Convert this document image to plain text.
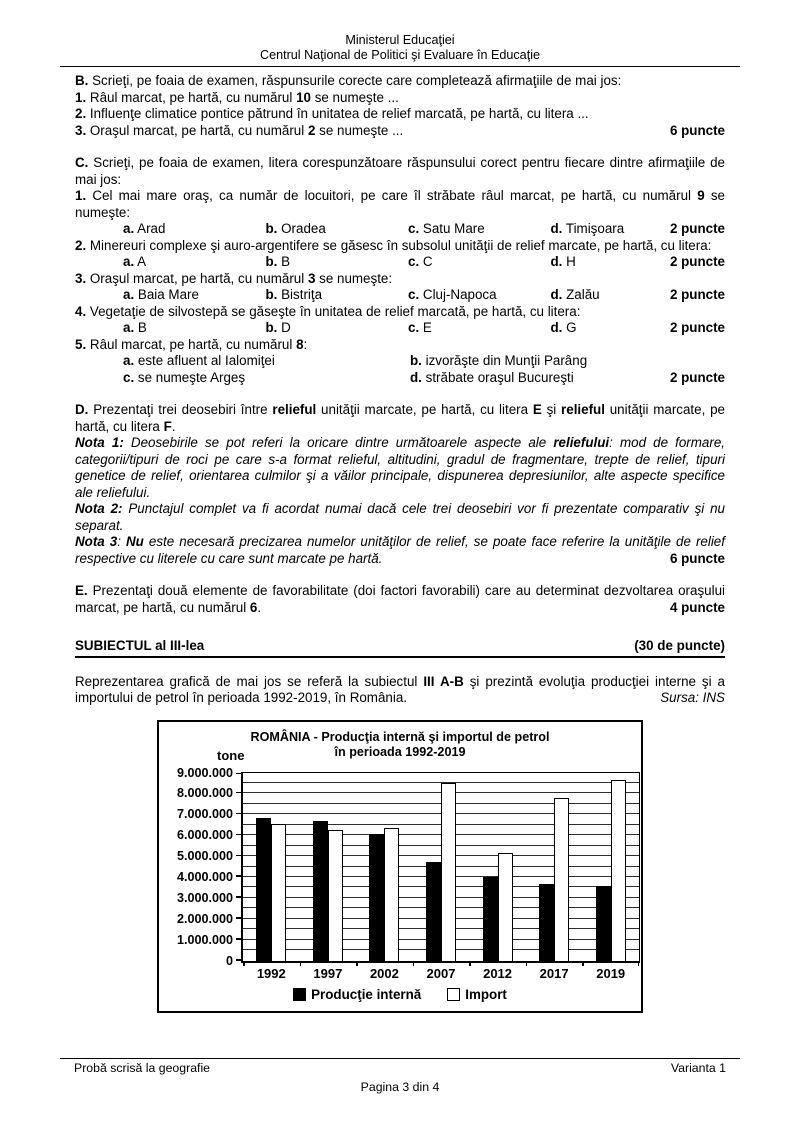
Ministerul Educaţiei
Centrul Naţional de Politici şi Evaluare în Educaţie

B. Scrieţi, pe foaia de examen, răspunsurile corecte care completează afirmaţiile de mai jos:

1. Râul marcat, pe hartă, cu numărul 10 se numeşte ...

2. Influenţe climatice pontice pătrund în unitatea de relief marcată, pe hartă, cu litera ...

3. Oraşul marcat, pe hartă, cu numărul 2 se numeşte ...	6 puncte

C. Scrieţi, pe foaia de examen, litera corespunzătoare răspunsului corect pentru fiecare dintre afirmaţiile de mai jos:

1. Cel mai mare oraş, ca număr de locuitori, pe care îl străbate râul marcat, pe hartă, cu numărul 9 se numeşte:

a. Arad	b. Oradea	c. Satu Mare	d. Timişoara	2 puncte

2. Minereuri complexe şi auro-argentifere se găsesc în subsolul unităţii de relief marcate, pe hartă, cu litera:

a. A	b. B	c. C	d. H	2 puncte

3. Oraşul marcat, pe hartă, cu numărul 3 se numeşte:

a. Baia Mare	b. Bistriţa	c. Cluj-Napoca	d. Zalău	2 puncte

4. Vegetaţie de silvostepă se găseşte în unitatea de relief marcată, pe hartă, cu litera:

a. B	b. D	c. E	d. G	2 puncte

5. Râul marcat, pe hartă, cu numărul 8:

a. este afluent al Ialomiţei	b. izvorăşte din Munţii Parâng
c. se numeşte Argeş	d. străbate oraşul Bucureşti	2 puncte

D. Prezentaţi trei deosebiri între relieful unităţii marcate, pe hartă, cu litera E şi relieful unităţii marcate, pe hartă, cu litera F.

Nota 1: Deosebirile se pot referi la oricare dintre următoarele aspecte ale reliefului: mod de formare, categorii/tipuri de roci pe care s-a format relieful, altitudini, gradul de fragmentare, trepte de relief, tipuri genetice de relief, orientarea culmilor şi a văilor principale, dispunerea depresiunilor, alte aspecte specifice ale reliefului.

Nota 2: Punctajul complet va fi acordat numai dacă cele trei deosebiri vor fi prezentate comparativ şi nu separat.

Nota 3: Nu este necesară precizarea numelor unităţilor de relief, se poate face referire la unităţile de relief respective cu literele cu care sunt marcate pe hartă.	6 puncte

E. Prezentaţi două elemente de favorabilitate (doi factori favorabili) care au determinat dezvoltarea oraşului marcat, pe hartă, cu numărul 6.	4 puncte

SUBIECTUL al III-lea	(30 de puncte)

Reprezentarea grafică de mai jos se referă la subiectul III A-B şi prezintă evoluţia producţiei interne şi a importului de petrol în perioada 1992-2019, în România.	Sursa: INS

ROMÂNIA - Producţia internă şi importul de petrol
în perioada 1992-2019
tone
0
1.000.000
2.000.000
3.000.000
4.000.000
5.000.000
6.000.000
7.000.000
8.000.000
9.000.000
1992	1997	2002	2007	2012	2017	2019
Producţie internă	Import
Probă scrisă la geografie	Varianta 1
Pagina 3 din 4
